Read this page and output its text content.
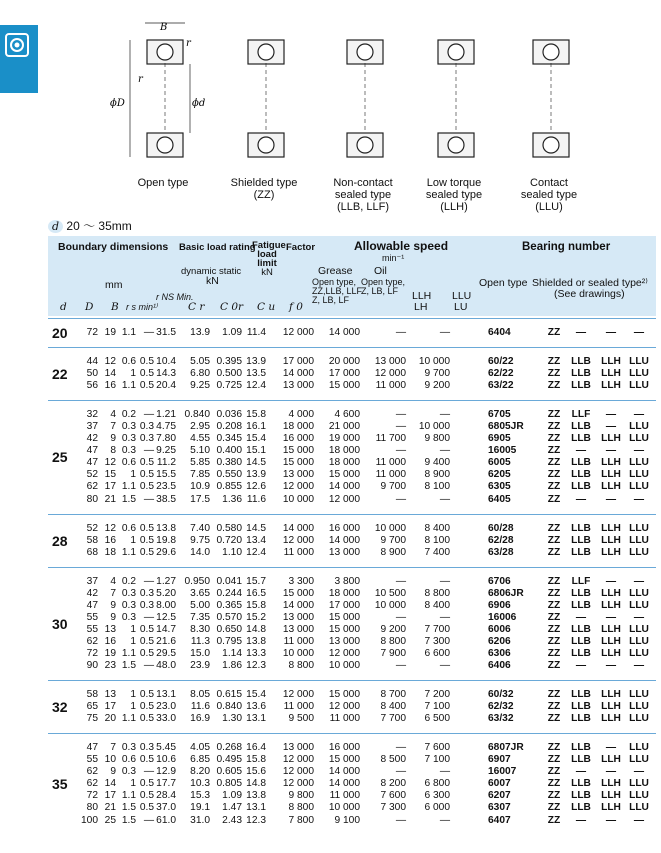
B
r
r
ϕD	ϕd
Open type	Shielded type
(ZZ)
Non-contact
sealed type
(LLB, LLF)
Low torque
sealed type
(LLH)
Contact
sealed type
(LLU)
d 20 ～ 35mm
Boundary dimensions
mm
Basic load rating
dynamic static
kN
Fatigue
load
limit
kN
Factor	Allowable speed
min⁻¹
Grease Oil
Open type,
ZZ,LLB, LLF
Z, LB, LF
Open type,
Z, LB, LF	LLH
LH
LLU
LU
Bearing number
Open type Shielded or sealed type²⁾
(See drawings)
d D B r s min¹⁾
r NS Min.
C r C 0r C u f 0
20	72 19 1.1 — 31.5	13.9	1.09 11.4	12 000	14 000	—	—	6404	ZZ	—	—	—
22
44 12 0.6 0.5 10.4	5.05 0.395 13.9	17 000	20 000	13 000	10 000	60/22	ZZ	LLB LLH LLU
50 14	1 0.5 14.3	6.80 0.500 13.5	14 000	17 000	12 000	9 700	62/22	ZZ	LLB LLH LLU
56 16 1.1 0.5 20.4	9.25 0.725 12.4	13 000	15 000	11 000	9 200	63/22	ZZ	LLB LLH LLU
25
32	4 0.2 — 1.21 0.840 0.036 15.8	4 000	4 600	—	—	6705	ZZ	LLF	—	—
37	7 0.3 0.3 4.75	2.95 0.208 16.1	18 000	21 000	—	10 000	6805JR	ZZ	LLB	—	LLU
42	9 0.3 0.3 7.80	4.55 0.345 15.4	16 000	19 000	11 700	9 800	6905	ZZ	LLB LLH LLU
47	8 0.3 — 9.25	5.10 0.400 15.1	15 000	18 000	—	—	16005	ZZ	—	—	—
47 12 0.6 0.5 11.2	5.85 0.380 14.5	15 000	18 000	11 000	9 400	6005	ZZ	LLB LLH LLU
52 15	1 0.5 15.5	7.85 0.550 13.9	13 000	15 000	11 000	8 900	6205	ZZ	LLB LLH LLU
62 17 1.1 0.5 23.5	10.9 0.855 12.6	12 000	14 000	9 700	8 100	6305	ZZ	LLB LLH LLU
80 21 1.5 — 38.5	17.5	1.36 11.6	10 000	12 000	—	—	6405	ZZ	—	—	—
28
52 12 0.6 0.5 13.8	7.40 0.580 14.5	14 000	16 000	10 000	8 400	60/28	ZZ	LLB LLH LLU
58 16	1 0.5 19.8	9.75 0.720 13.4	12 000	14 000	9 700	8 100	62/28	ZZ	LLB LLH LLU
68 18 1.1 0.5 29.6	14.0	1.10 12.4	11 000	13 000	8 900	7 400	63/28	ZZ	LLB LLH LLU
30
37	4 0.2 — 1.27 0.950 0.041 15.7	3 300	3 800	—	—	6706	ZZ	LLF	—	—
42	7 0.3 0.3 5.20	3.65 0.244 16.5	15 000	18 000	10 500	8 800	6806JR	ZZ	LLB LLH LLU
47	9 0.3 0.3 8.00	5.00 0.365 15.8	14 000	17 000	10 000	8 400	6906	ZZ	LLB LLH LLU
55	9 0.3 — 12.5	7.35 0.570 15.2	13 000	15 000	—	—	16006	ZZ	—	—	—
55 13	1 0.5 14.7	8.30 0.650 14.8	13 000	15 000	9 200	7 700	6006	ZZ	LLB LLH LLU
62 16	1 0.5 21.6	11.3 0.795 13.8	11 000	13 000	8 800	7 300	6206	ZZ	LLB LLH LLU
72 19 1.1 0.5 29.5	15.0	1.14 13.3	10 000	12 000	7 900	6 600	6306	ZZ	LLB LLH LLU
90 23 1.5 — 48.0	23.9	1.86 12.3	8 800	10 000	—	—	6406	ZZ	—	—	—
32
58 13	1 0.5 13.1	8.05 0.615 15.4	12 000	15 000	8 700	7 200	60/32	ZZ	LLB LLH LLU
65 17	1 0.5 23.0	11.6 0.840 13.6	11 000	12 000	8 400	7 100	62/32	ZZ	LLB LLH LLU
75 20 1.1 0.5 33.0	16.9	1.30 13.1	9 500	11 000	7 700	6 500	63/32	ZZ	LLB LLH LLU
35
47	7 0.3 0.3 5.45	4.05 0.268 16.4	13 000	16 000	—	7 600	6807JR	ZZ	LLB	—	LLU
55 10 0.6 0.5 10.6	6.85 0.495 15.8	12 000	15 000	8 500	7 100	6907	ZZ	LLB LLH LLU
62	9 0.3 — 12.9	8.20 0.605 15.6	12 000	14 000	—	—	16007	ZZ	—	—	—
62 14	1 0.5 17.7	10.3 0.805 14.8	12 000	14 000	8 200	6 800	6007	ZZ	LLB LLH LLU
72 17 1.1 0.5 28.4	15.3	1.09 13.8	9 800	11 000	7 600	6 300	6207	ZZ	LLB LLH LLU
80 21 1.5 0.5 37.0	19.1	1.47 13.1	8 800	10 000	7 300	6 000	6307	ZZ	LLB LLH LLU
100 25 1.5 — 61.0	31.0	2.43 12.3	7 800	9 100	—	—	6407	ZZ	—	—	—
